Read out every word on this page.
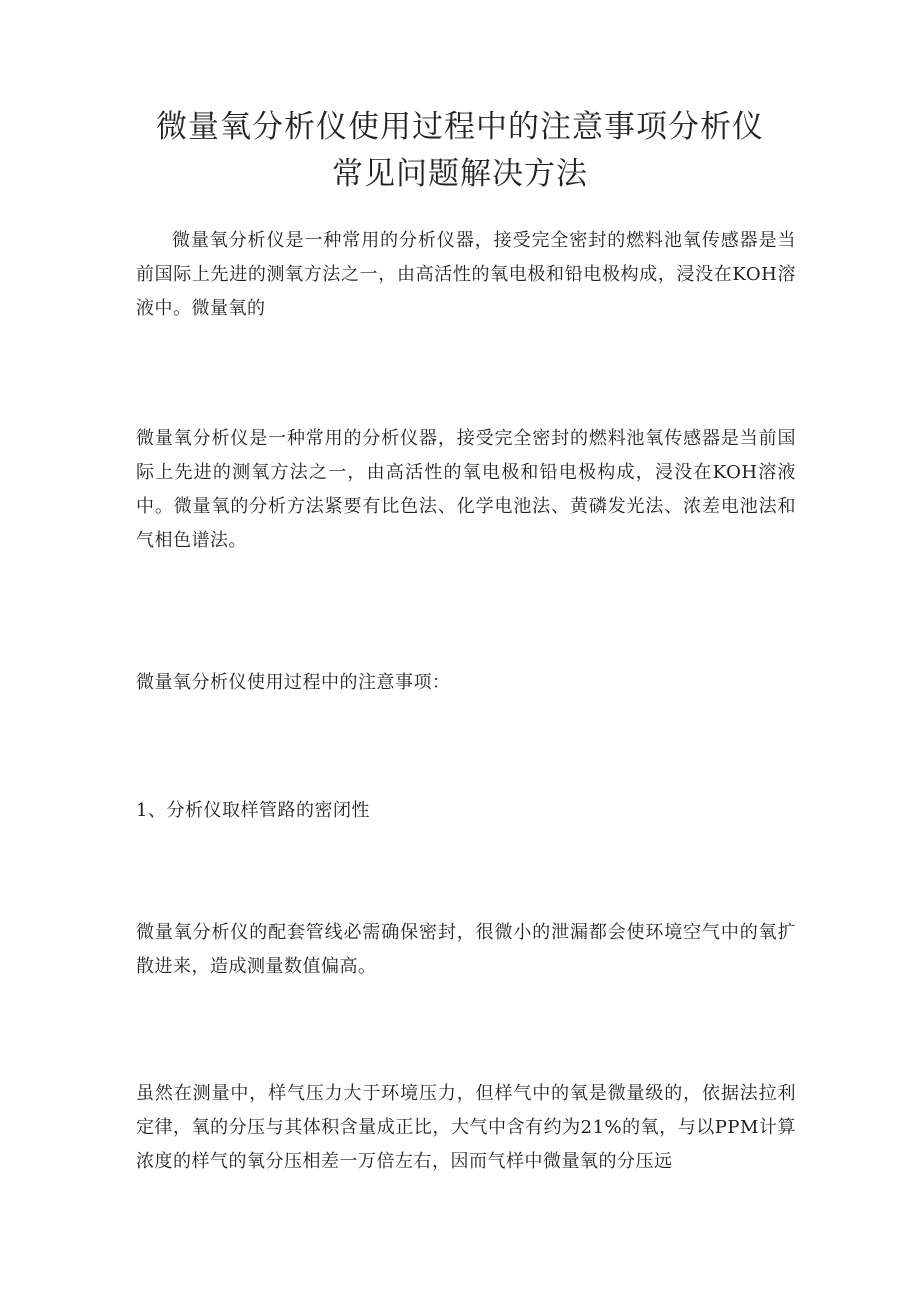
微量氧分析仪使用过程中的注意事项分析仪
常见问题解决方法

微量氧分析仪是一种常用的分析仪器，接受完全密封的燃料池氧传感器是当前国际上先进的测氧方法之一，由高活性的氧电极和铅电极构成，浸没在KOH溶液中。微量氧的

微量氧分析仪是一种常用的分析仪器，接受完全密封的燃料池氧传感器是当前国际上先进的测氧方法之一，由高活性的氧电极和铅电极构成，浸没在KOH溶液中。微量氧的分析方法紧要有比色法、化学电池法、黄磷发光法、浓差电池法和气相色谱法。

微量氧分析仪使用过程中的注意事项：

1、分析仪取样管路的密闭性

微量氧分析仪的配套管线必需确保密封，很微小的泄漏都会使环境空气中的氧扩散进来，造成测量数值偏高。

虽然在测量中，样气压力大于环境压力，但样气中的氧是微量级的，依据法拉利定律，氧的分压与其体积含量成正比，大气中含有约为21%的氧，与以PPM计算浓度的样气的氧分压相差一万倍左右，因而气样中微量氧的分压远
